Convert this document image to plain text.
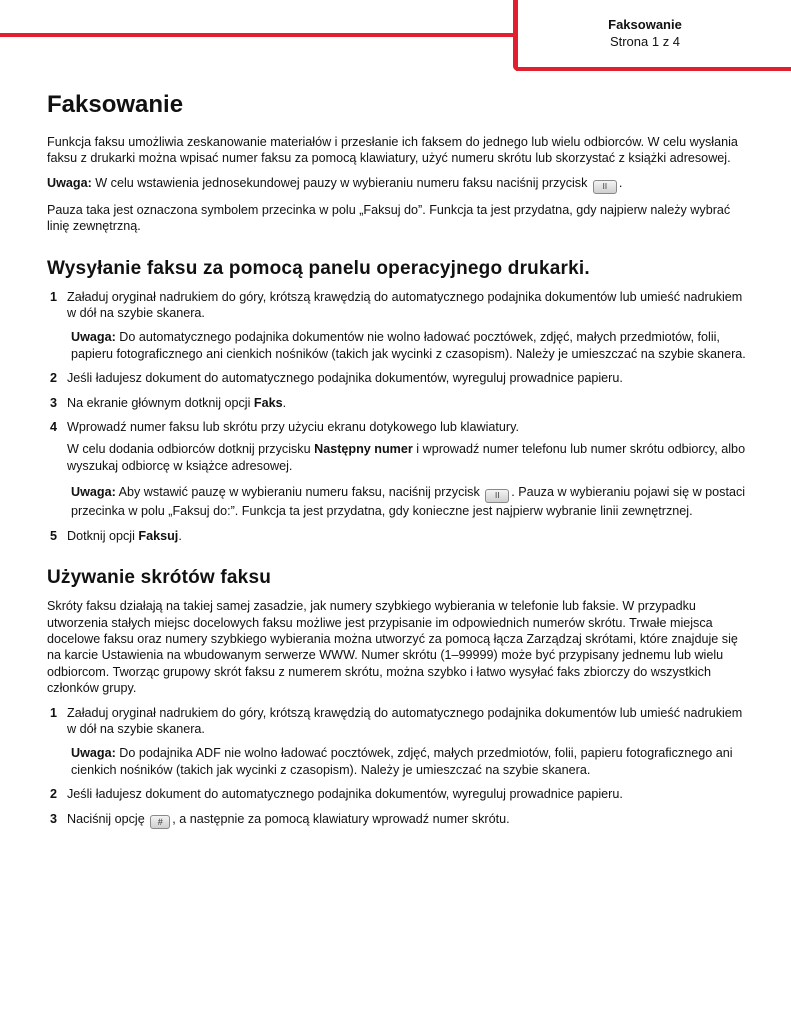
Faksowanie
Strona 1 z 4
Faksowanie

Funkcja faksu umożliwia zeskanowanie materiałów i przesłanie ich faksem do jednego lub wielu odbiorców. W celu wysłania faksu z drukarki można wpisać numer faksu za pomocą klawiatury, użyć numeru skrótu lub skorzystać z książki adresowej.

Uwaga: W celu wstawienia jednosekundowej pauzy w wybieraniu numeru faksu naciśnij przycisk II .

Pauza taka jest oznaczona symbolem przecinka w polu „Faksuj do”. Funkcja ta jest przydatna, gdy najpierw należy wybrać linię zewnętrzną.

Wysyłanie faksu za pomocą panelu operacyjnego drukarki.
1 Załaduj oryginał nadrukiem do góry, krótszą krawędzią do automatycznego podajnika dokumentów lub umieść nadrukiem w dół na szybie skanera.
Uwaga: Do automatycznego podajnika dokumentów nie wolno ładować pocztówek, zdjęć, małych przedmiotów, folii, papieru fotograficznego ani cienkich nośników (takich jak wycinki z czasopism). Należy je umieszczać na szybie skanera.
2 Jeśli ładujesz dokument do automatycznego podajnika dokumentów, wyreguluj prowadnice papieru.
3 Na ekranie głównym dotknij opcji Faks.
4 Wprowadź numer faksu lub skrótu przy użyciu ekranu dotykowego lub klawiatury.
W celu dodania odbiorców dotknij przycisku Następny numer i wprowadź numer telefonu lub numer skrótu odbiorcy, albo wyszukaj odbiorcę w książce adresowej.
Uwaga: Aby wstawić pauzę w wybieraniu numeru faksu, naciśnij przycisk II . Pauza w wybieraniu pojawi się w postaci przecinka w polu „Faksuj do:”. Funkcja ta jest przydatna, gdy konieczne jest najpierw wybranie linii zewnętrznej.
5 Dotknij opcji Faksuj.
Używanie skrótów faksu

Skróty faksu działają na takiej samej zasadzie, jak numery szybkiego wybierania w telefonie lub faksie. W przypadku utworzenia stałych miejsc docelowych faksu możliwe jest przypisanie im odpowiednich numerów skrótu. Trwałe miejsca docelowe faksu oraz numery szybkiego wybierania można utworzyć za pomocą łącza Zarządzaj skrótami, które znajduje się na karcie Ustawienia na wbudowanym serwerze WWW. Numer skrótu (1–99999) może być przypisany jednemu lub wielu odbiorcom. Tworząc grupowy skrót faksu z numerem skrótu, można szybko i łatwo wysyłać faks zbiorczy do wszystkich członków grupy.

1 Załaduj oryginał nadrukiem do góry, krótszą krawędzią do automatycznego podajnika dokumentów lub umieść nadrukiem w dół na szybie skanera.
Uwaga: Do podajnika ADF nie wolno ładować pocztówek, zdjęć, małych przedmiotów, folii, papieru fotograficznego ani cienkich nośników (takich jak wycinki z czasopism). Należy je umieszczać na szybie skanera.
2 Jeśli ładujesz dokument do automatycznego podajnika dokumentów, wyreguluj prowadnice papieru.
3 Naciśnij opcję # , a następnie za pomocą klawiatury wprowadź numer skrótu.
